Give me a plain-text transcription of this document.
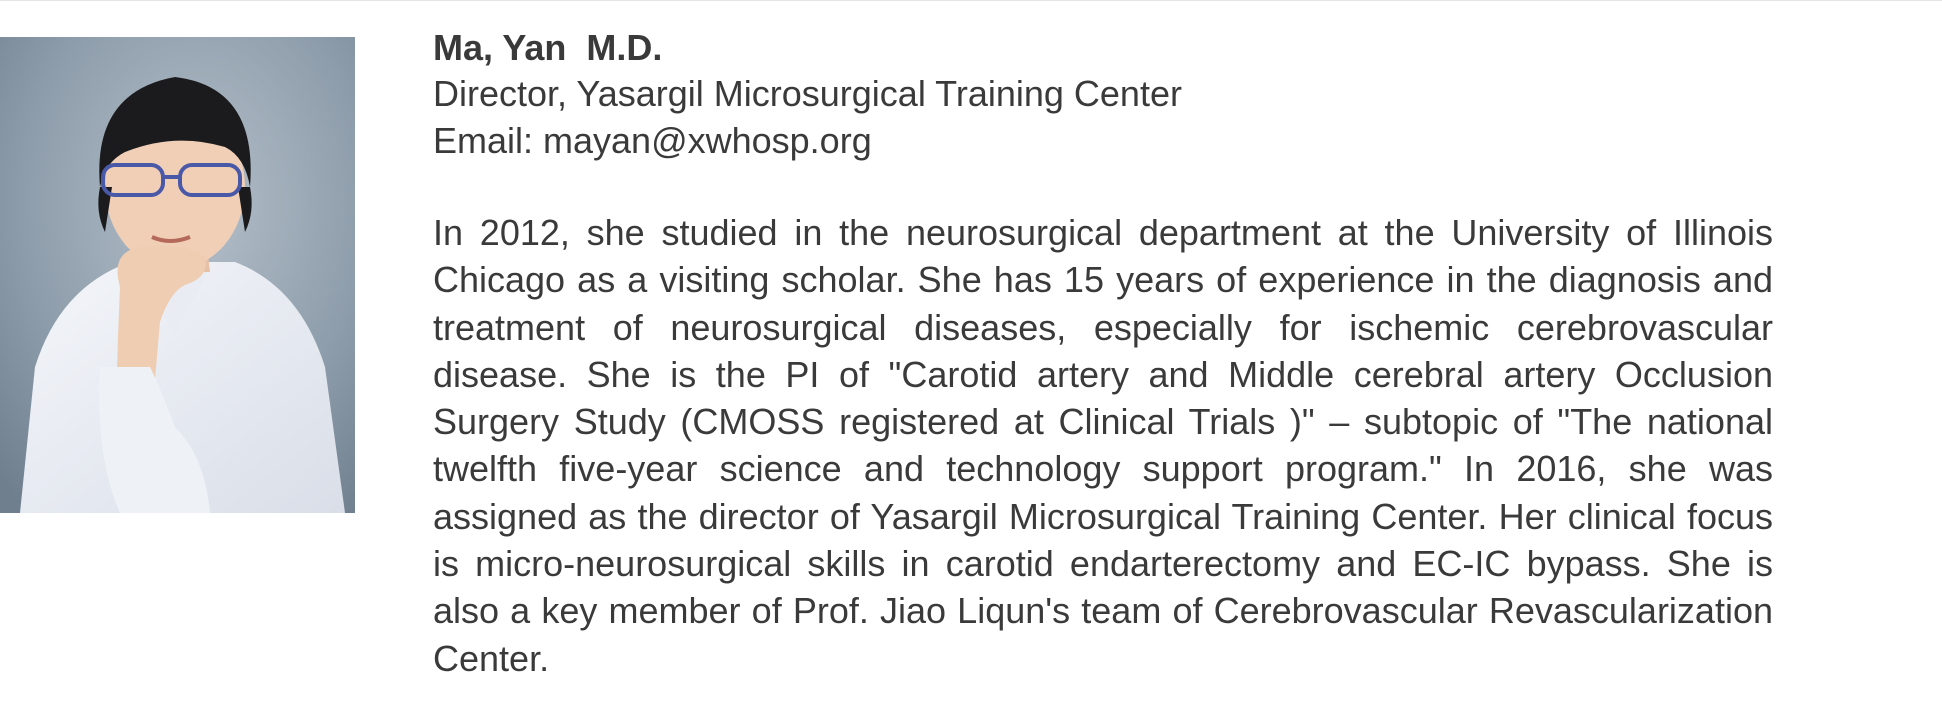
Ma, Yan  M.D.
Director, Yasargil Microsurgical Training Center
Email: mayan@xwhosp.org
In 2012, she studied in the neurosurgical department at the University of Illinois Chicago as a visiting scholar. She has 15 years of experience in the diagnosis and treatment of neurosurgical diseases, especially for ischemic cerebrovascular disease. She is the PI of "Carotid artery and Middle cerebral artery Occlusion Surgery Study (CMOSS registered at Clinical Trials )" – subtopic of "The national twelfth five-year science and technology support program." In 2016, she was assigned as the director of Yasargil Microsurgical Training Center. Her clinical focus is micro-neurosurgical skills in carotid endarterectomy and EC-IC bypass. She is also a key member of Prof. Jiao Liqun's team of Cerebrovascular Revascularization Center.
